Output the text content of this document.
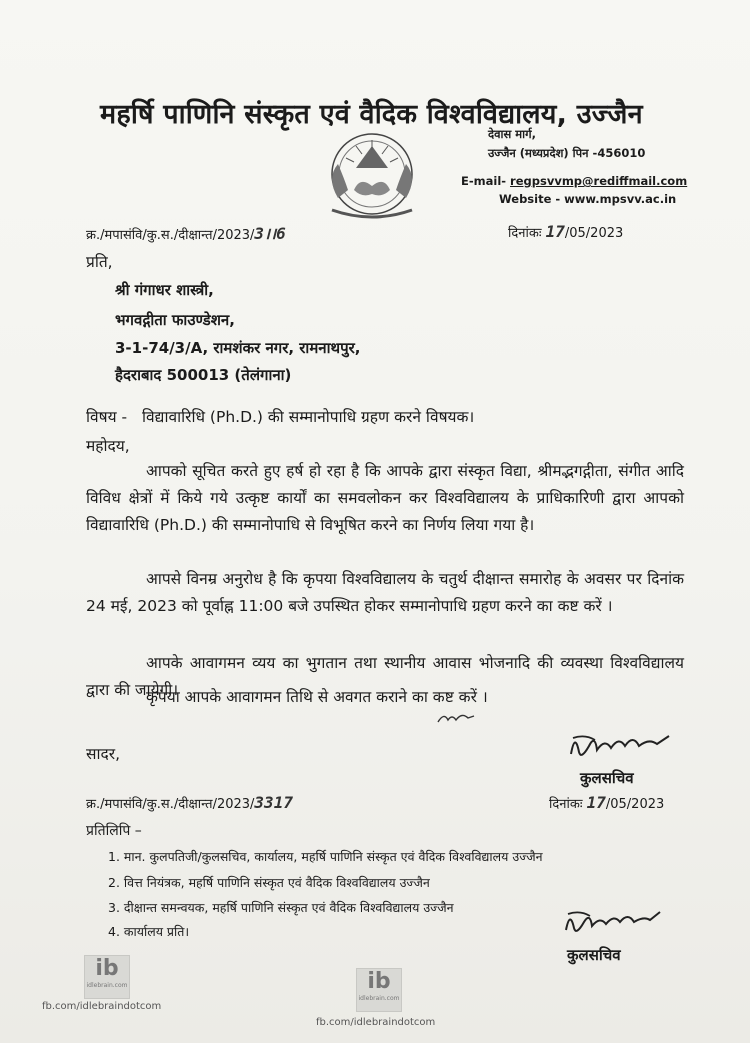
महर्षि पाणिनि संस्कृत एवं वैदिक विश्वविद्यालय, उज्जैन
देवास मार्ग,
उज्जैन (मध्यप्रदेश) पिन -456010
E-mail- regpsvvmp@rediffmail.com
Website - www.mpsvv.ac.in
क्र./मपासंवि/कु.स./दीक्षान्त/2023/3।।6	दिनांकः 17/05/2023
प्रति,
श्री गंगाधर शास्त्री,
भगवद्गीता फाउण्डेशन,
3-1-74/3/A, रामशंकर नगर, रामनाथपुर,
हैदराबाद 500013 (तेलंगाना)
विषय - विद्यावारिधि (Ph.D.) की सम्मानोपाधि ग्रहण करने विषयक।
महोदय,
आपको सूचित करते हुए हर्ष हो रहा है कि आपके द्वारा संस्कृत विद्या, श्रीमद्भगद्गीता, संगीत आदि विविध क्षेत्रों में किये गये उत्कृष्ट कार्यों का समवलोकन कर विश्वविद्यालय के प्राधिकारिणी द्वारा आपको विद्यावारिधि (Ph.D.) की सम्मानोपाधि से विभूषित करने का निर्णय लिया गया है।
आपसे विनम्र अनुरोध है कि कृपया विश्वविद्यालय के चतुर्थ दीक्षान्त समारोह के अवसर पर दिनांक 24 मई, 2023 को पूर्वाह्न 11:00 बजे उपस्थित होकर सम्मानोपाधि ग्रहण करने का कष्ट करें ।
आपके आवागमन व्यय का भुगतान तथा स्थानीय आवास भोजनादि की व्यवस्था विश्वविद्यालय द्वारा की जायेगी।
कृपया आपके आवागमन तिथि से अवगत कराने का कष्ट करें ।
सादर,
कुलसचिव
क्र./मपासंवि/कु.स./दीक्षान्त/2023/3317	दिनांकः 17/05/2023
प्रतिलिपि –
1. मान. कुलपतिजी/कुलसचिव, कार्यालय, महर्षि पाणिनि संस्कृत एवं वैदिक विश्वविद्यालय उज्जैन
2. वित्त नियंत्रक, महर्षि पाणिनि संस्कृत एवं वैदिक विश्वविद्यालय उज्जैन
3. दीक्षान्त समन्वयक, महर्षि पाणिनि संस्कृत एवं वैदिक विश्वविद्यालय उज्जैन
4. कार्यालय प्रति।
कुलसचिव
ib
idlebrain.com
fb.com/idlebraindotcom
ib
idlebrain.com
fb.com/idlebraindotcom
